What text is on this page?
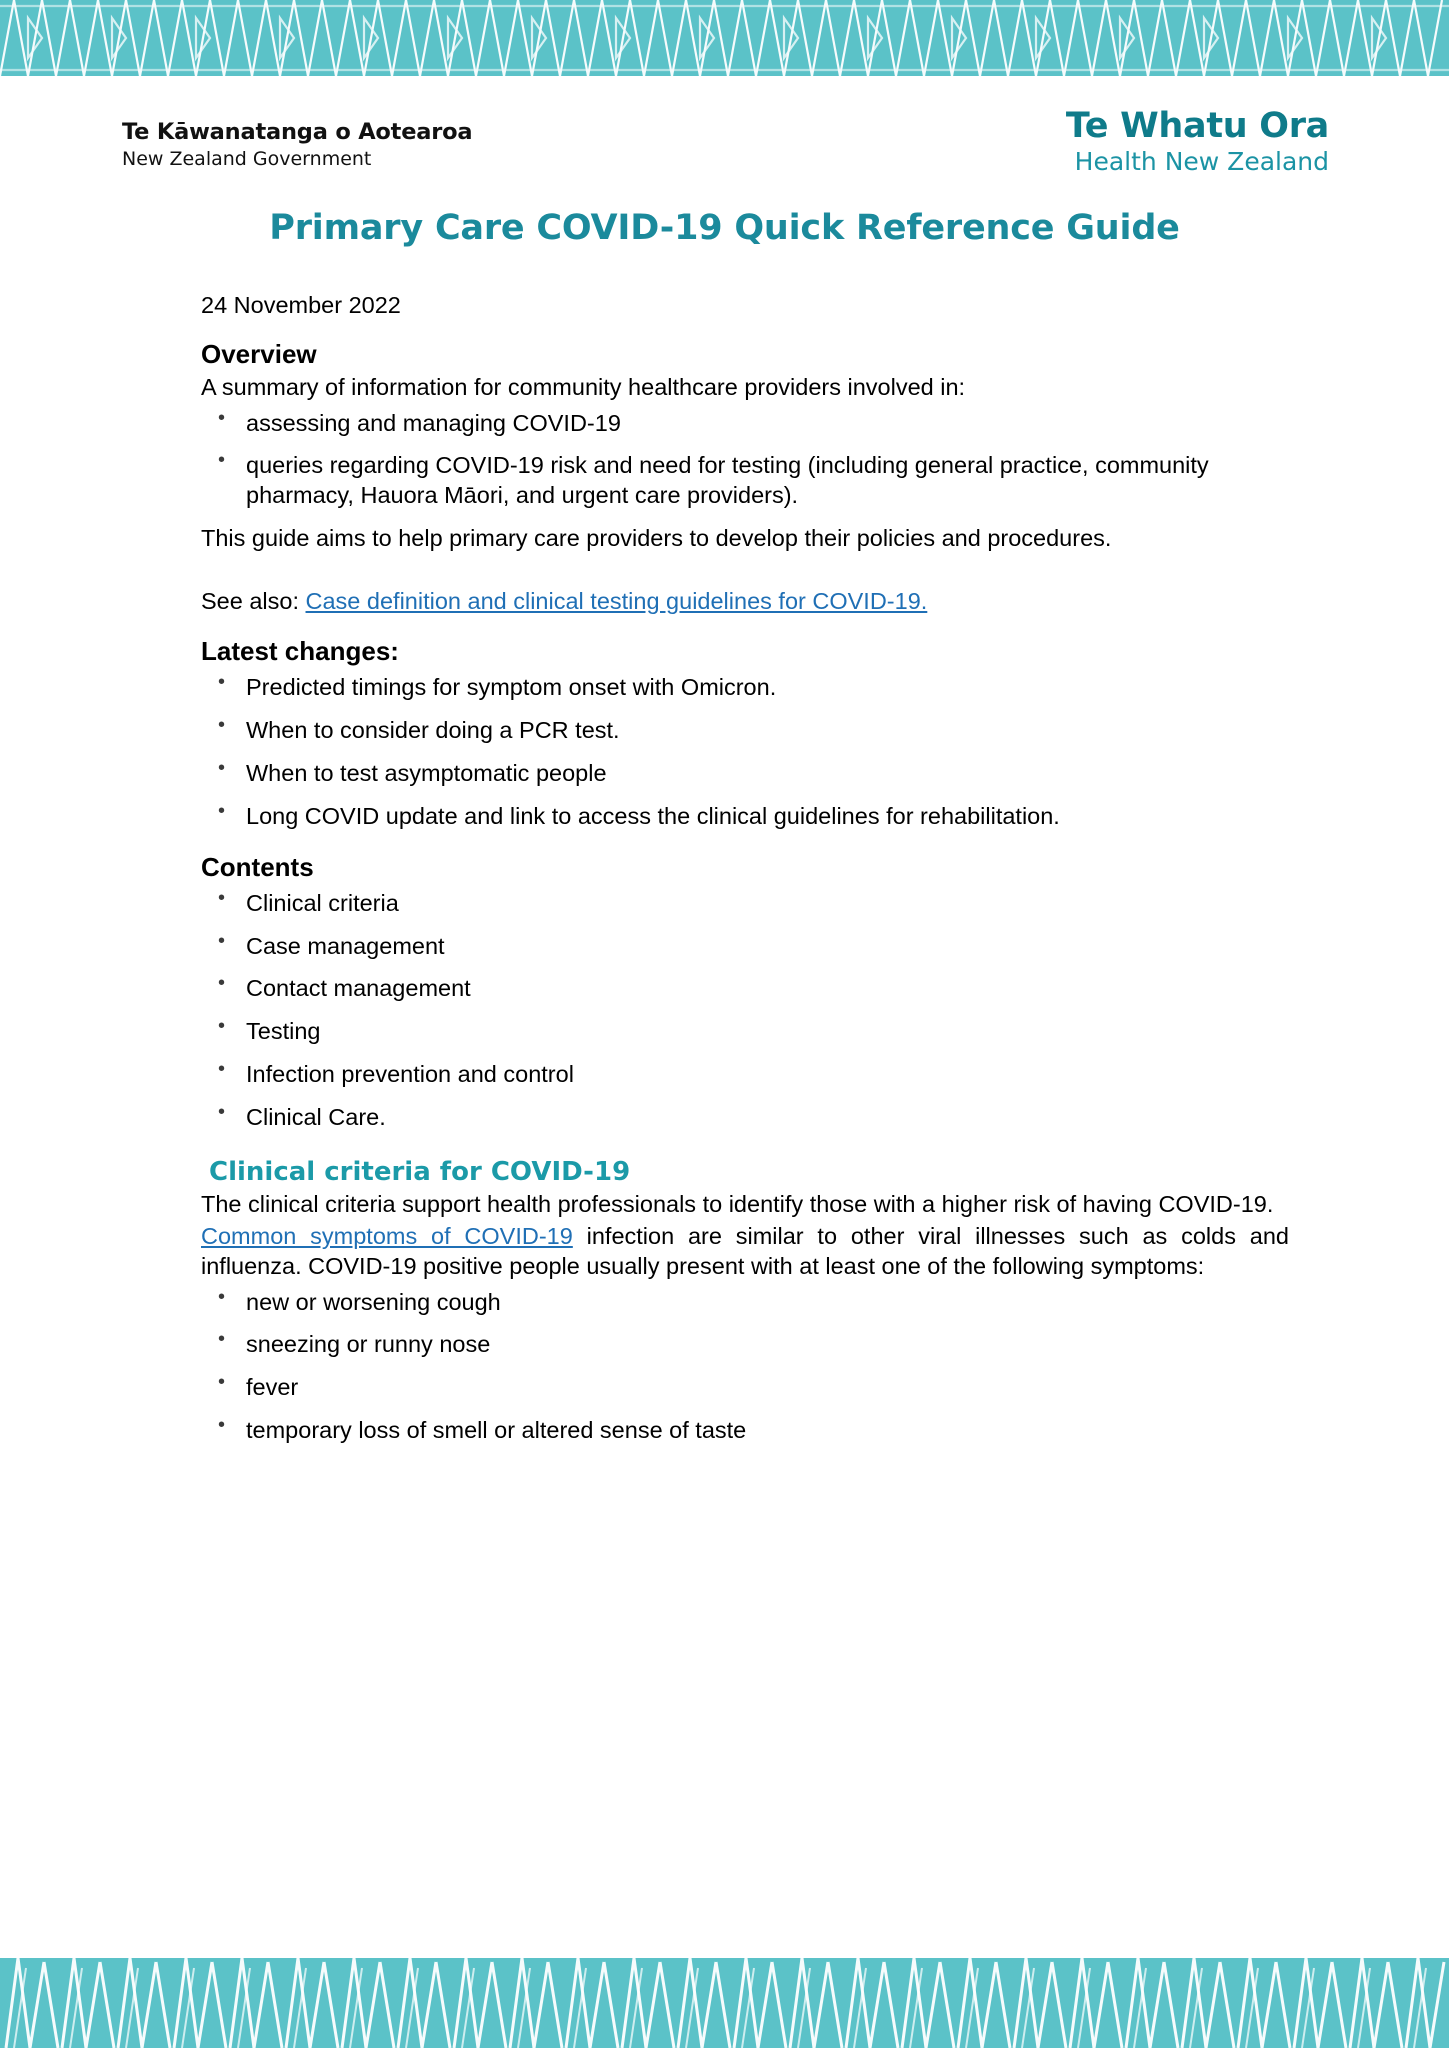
Te Kāwanatanga o Aotearoa
New Zealand Government
Te Whatu Ora
Health New Zealand
Primary Care COVID-19 Quick Reference Guide
24 November 2022
Overview

A summary of information for community healthcare providers involved in:

• assessing and managing COVID-19
• queries regarding COVID-19 risk and need for testing (including general practice, community pharmacy, Hauora Māori, and urgent care providers).

This guide aims to help primary care providers to develop their policies and procedures.

See also: Case definition and clinical testing guidelines for COVID-19.

Latest changes:
• Predicted timings for symptom onset with Omicron.
• When to consider doing a PCR test.
• When to test asymptomatic people
• Long COVID update and link to access the clinical guidelines for rehabilitation.
Contents
• Clinical criteria
• Case management
• Contact management
• Testing
• Infection prevention and control
• Clinical Care.
Clinical criteria for COVID-19

The clinical criteria support health professionals to identify those with a higher risk of having COVID-19.

Common symptoms of COVID-19 infection are similar to other viral illnesses such as colds and influenza. COVID-19 positive people usually present with at least one of the following symptoms:

• new or worsening cough
• sneezing or runny nose
• fever
• temporary loss of smell or altered sense of taste
